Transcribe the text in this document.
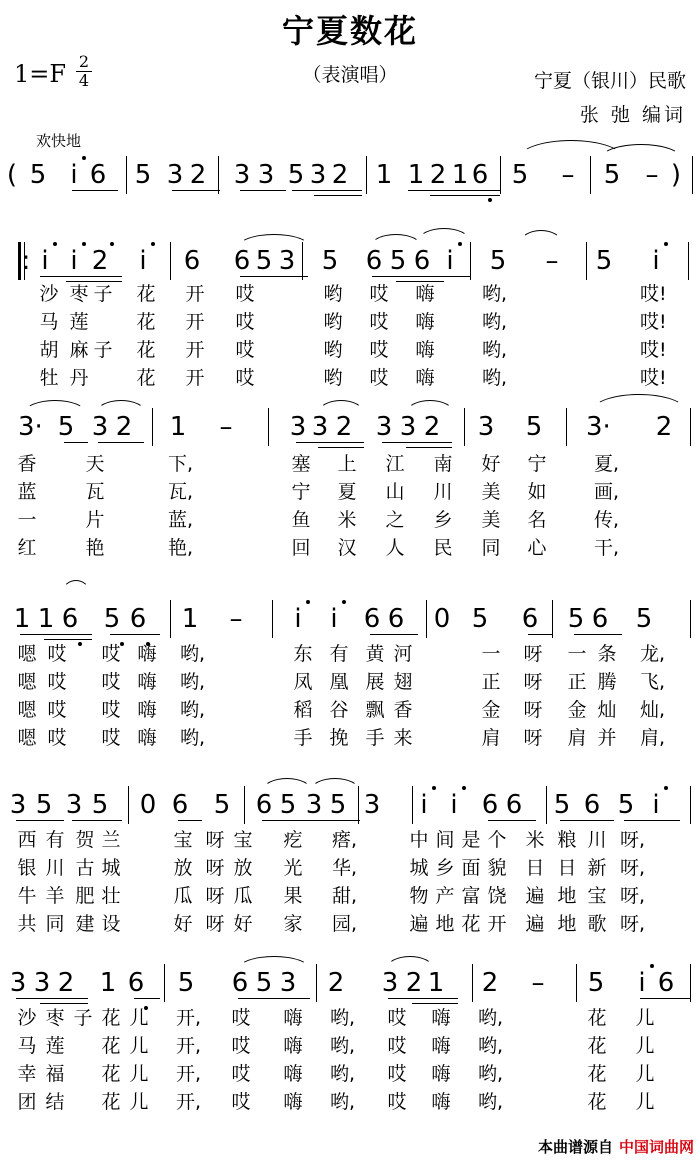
宁夏数花
（表演唱）
1=F 2
4	宁夏（银川）民歌
张 弛 编词
欢快地
( 5 i 6 5 3 2 3 3 5 3 2 1 1 2 1 6 5 – 5 – )
: i i 2 i 6 6 5 3 5 6 5 6 i 5 – 5 i
沙 枣 子 花 开 哎	哟 哎 嗨	哟,	哎!
马 莲	花 开 哎	哟 哎 嗨	哟,	哎!
胡 麻 子 花 开 哎	哟 哎 嗨	哟,	哎!
牡 丹	花 开 哎	哟 哎 嗨	哟,	哎!
3· 5 3 2 1 – 3 3 2 3 3 2 3 5 3· 2
香	天	下,	塞 上 江 南 好 宁	夏,
蓝	瓦	瓦,	宁 夏 山 川 美 如	画,
一	片	蓝,	鱼 米 之 乡 美 名	传,
红	艳	艳,	回 汉 人 民 同 心	干,
1 1 6 5 6 1 – i i 6 6 0 5 6 5 6 5
嗯 哎 哎 嗨 哟,	东 有 黄 河	一 呀 一 条 龙,
嗯 哎 哎 嗨 哟,	凤 凰 展 翅	正 呀 正 腾 飞,
嗯 哎 哎 嗨 哟,	稻 谷 飘 香	金 呀 金 灿 灿,
嗯 哎 哎 嗨 哟,	手 挽 手 来	肩 呀 肩 并 肩,
3 5 3 5 0 6 5 6 5 3 5 3 i i 6 6 5 6 5 i
西 有 贺 兰	宝 呀 宝 疙 瘩,	中 间 是 个 米 粮 川 呀,
银 川 古 城	放 呀 放 光 华,	城 乡 面 貌 日 日 新 呀,
牛 羊 肥 壮	瓜 呀 瓜 果 甜,	物 产 富 饶 遍 地 宝 呀,
共 同 建 设	好 呀 好 家 园,	遍 地 花 开 遍 地 歌 呀,
3 3 2 1 6 5 6 5 3 2 3 2 1 2 – 5 i 6
沙 枣 子 花 儿 开, 哎 嗨 哟, 哎 嗨 哟,	花 儿
马 莲 花 儿 开, 哎 嗨 哟, 哎 嗨 哟,	花 儿
幸 福 花 儿 开, 哎 嗨 哟, 哎 嗨 哟,	花 儿
团 结 花 儿 开, 哎 嗨 哟, 哎 嗨 哟,	花 儿
本曲谱源自 中国词曲网
